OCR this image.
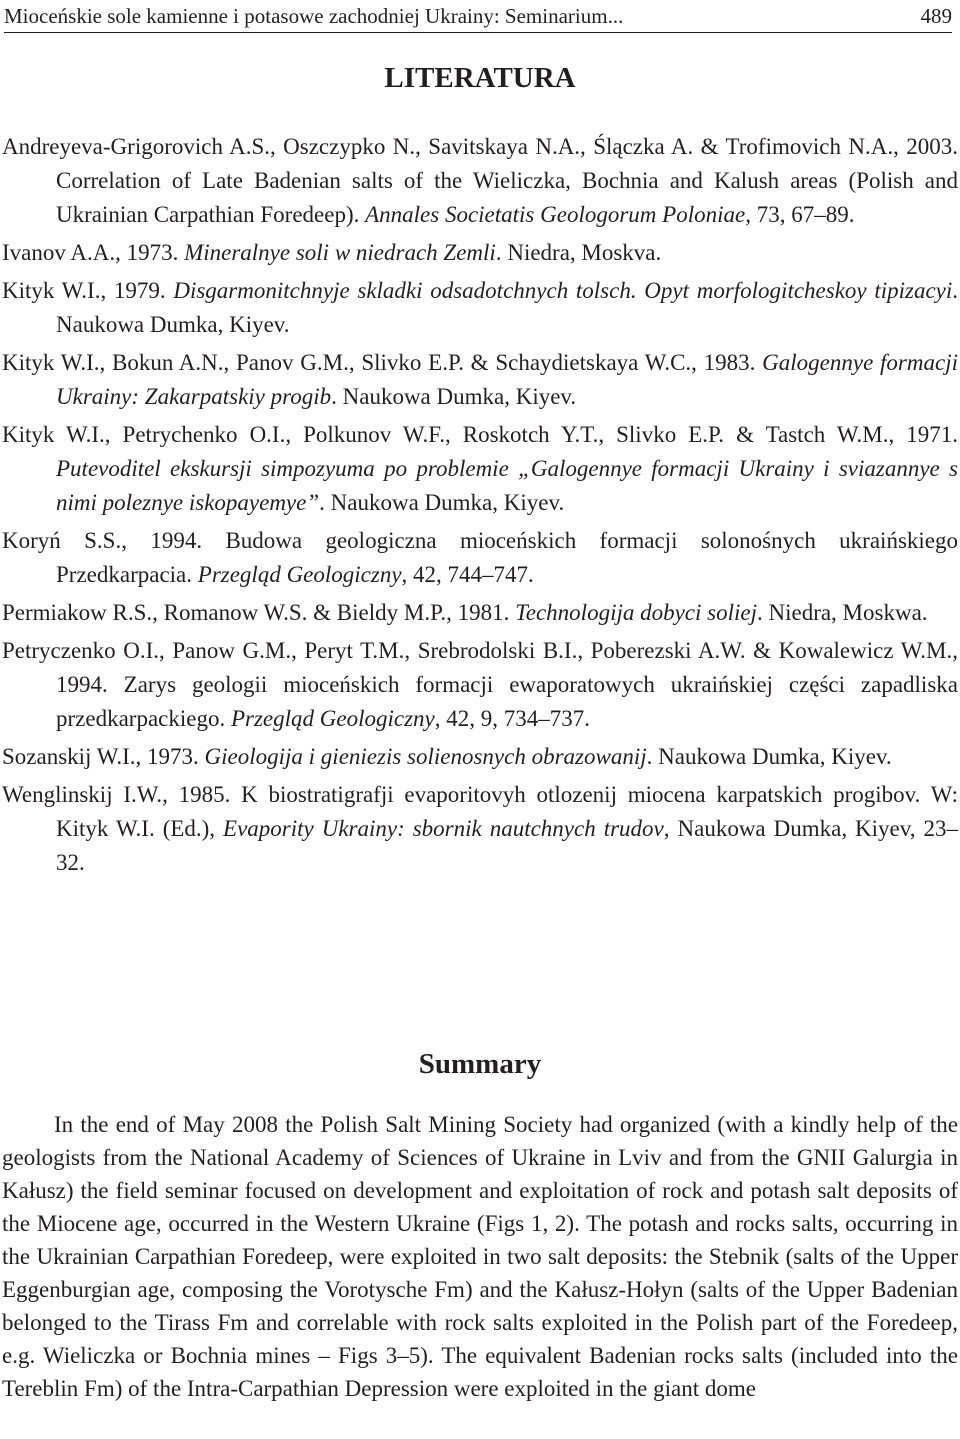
Mioceńskie sole kamienne i potasowe zachodniej Ukrainy: Seminarium...	489
LITERATURA
Andreyeva-Grigorovich A.S., Oszczypko N., Savitskaya N.A., Ślączka A. & Trofimovich N.A., 2003. Correlation of Late Badenian salts of the Wieliczka, Bochnia and Kalush areas (Polish and Ukrainian Carpathian Foredeep). Annales Societatis Geologorum Poloniae, 73, 67–89.
Ivanov A.A., 1973. Mineralnye soli w niedrach Zemli. Niedra, Moskva.
Kityk W.I., 1979. Disgarmonitchnyje skladki odsadotchnych tolsch. Opyt morfologitcheskoy tipizacyi. Naukowa Dumka, Kiyev.
Kityk W.I., Bokun A.N., Panov G.M., Slivko E.P. & Schaydietskaya W.C., 1983. Galogennye formacji Ukrainy: Zakarpatskiy progib. Naukowa Dumka, Kiyev.
Kityk W.I., Petrychenko O.I., Polkunov W.F., Roskotch Y.T., Slivko E.P. & Tastch W.M., 1971. Putevoditel ekskursji simpozyuma po problemie „Galogennye formacji Ukrainy i sviazannye s nimi poleznye iskopayemye”. Naukowa Dumka, Kiyev.
Koryń S.S., 1994. Budowa geologiczna mioceńskich formacji solonośnych ukraińskiego Przedkarpacia. Przegląd Geologiczny, 42, 744–747.
Permiakow R.S., Romanow W.S. & Bieldy M.P., 1981. Technologija dobyci soliej. Niedra, Moskwa.
Petryczenko O.I., Panow G.M., Peryt T.M., Srebrodolski B.I., Poberezski A.W. & Kowalewicz W.M., 1994. Zarys geologii mioceńskich formacji ewaporatowych ukraińskiej części zapadliska przedkarpackiego. Przegląd Geologiczny, 42, 9, 734–737.
Sozanskij W.I., 1973. Gieologija i gieniezis solienosnych obrazowanij. Naukowa Dumka, Kiyev.
Wenglinskij I.W., 1985. K biostratigrafji evaporitovyh otlozenij miocena karpatskich progibov. W: Kityk W.I. (Ed.), Evapority Ukrainy: sbornik nautchnych trudov, Naukowa Dumka, Kiyev, 23–32.
Summary

In the end of May 2008 the Polish Salt Mining Society had organized (with a kindly help of the geologists from the National Academy of Sciences of Ukraine in Lviv and from the GNII Galurgia in Kałusz) the field seminar focused on development and exploitation of rock and potash salt deposits of the Miocene age, occurred in the Western Ukraine (Figs 1, 2). The potash and rocks salts, occurring in the Ukrainian Carpathian Foredeep, were exploited in two salt deposits: the Stebnik (salts of the Upper Eggenburgian age, composing the Vorotysche Fm) and the Kałusz-Hołyn (salts of the Upper Badenian belonged to the Tirass Fm and correlable with rock salts exploited in the Polish part of the Foredeep, e.g. Wieliczka or Bochnia mines – Figs 3–5). The equivalent Badenian rocks salts (included into the Tereblin Fm) of the Intra-Carpathian Depression were exploited in the giant dome
